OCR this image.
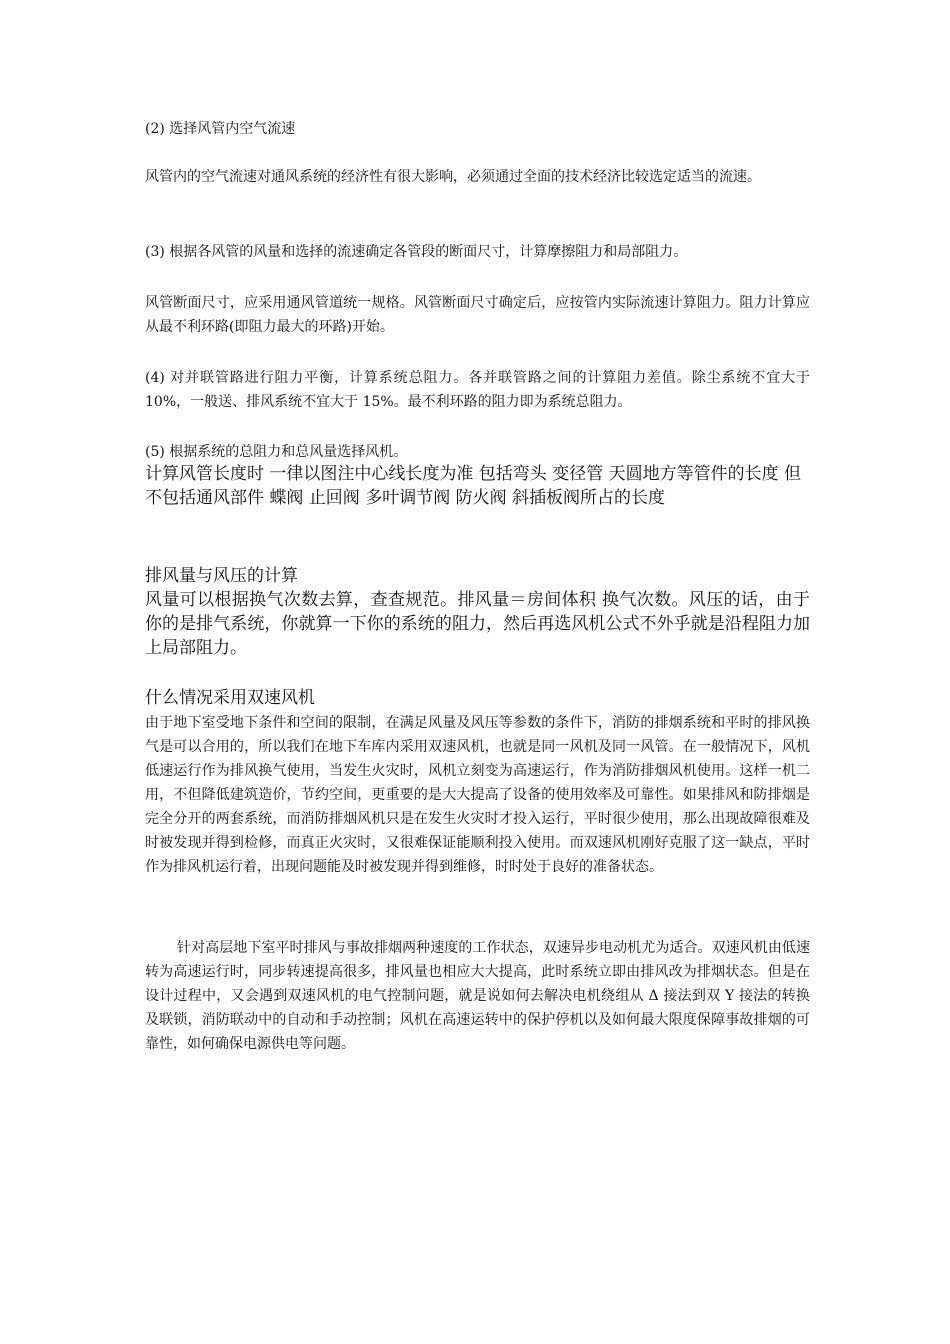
(2) 选择风管内空气流速

风管内的空气流速对通风系统的经济性有很大影响，必须通过全面的技术经济比较选定适当的流速。

(3) 根据各风管的风量和选择的流速确定各管段的断面尺寸，计算摩擦阻力和局部阻力。

风管断面尺寸，应采用通风管道统一规格。风管断面尺寸确定后，应按管内实际流速计算阻力。阻力计算应从最不利环路(即阻力最大的环路)开始。

(4) 对并联管路进行阻力平衡，计算系统总阻力。各并联管路之间的计算阻力差值。除尘系统不宜大于 10%，一般送、排风系统不宜大于 15%。最不利环路的阻力即为系统总阻力。

(5) 根据系统的总阻力和总风量选择风机。

计算风管长度时 一律以图注中心线长度为准 包括弯头 变径管 天圆地方等管件的长度 但不包括通风部件 蝶阀 止回阀 多叶调节阀 防火阀 斜插板阀所占的长度

排风量与风压的计算

风量可以根据换气次数去算，查查规范。排风量＝房间体积 换气次数。风压的话，由于你的是排气系统，你就算一下你的系统的阻力，然后再选风机公式不外乎就是沿程阻力加上局部阻力。

什么情况采用双速风机

由于地下室受地下条件和空间的限制，在满足风量及风压等参数的条件下，消防的排烟系统和平时的排风换气是可以合用的，所以我们在地下车库内采用双速风机，也就是同一风机及同一风管。在一般情况下，风机低速运行作为排风换气使用，当发生火灾时，风机立刻变为高速运行，作为消防排烟风机使用。这样一机二用，不但降低建筑造价，节约空间，更重要的是大大提高了设备的使用效率及可靠性。如果排风和防排烟是完全分开的两套系统，而消防排烟风机只是在发生火灾时才投入运行，平时很少使用，那么出现故障很难及时被发现并得到检修，而真正火灾时，又很难保证能顺利投入使用。而双速风机刚好克服了这一缺点，平时作为排风机运行着，出现问题能及时被发现并得到维修，时时处于良好的准备状态。

针对高层地下室平时排风与事故排烟两种速度的工作状态，双速异步电动机尤为适合。双速风机由低速转为高速运行时，同步转速提高很多，排风量也相应大大提高，此时系统立即由排风改为排烟状态。但是在设计过程中，又会遇到双速风机的电气控制问题，就是说如何去解决电机绕组从 Δ 接法到双 Y 接法的转换及联锁，消防联动中的自动和手动控制；风机在高速运转中的保护停机以及如何最大限度保障事故排烟的可靠性，如何确保电源供电等问题。
